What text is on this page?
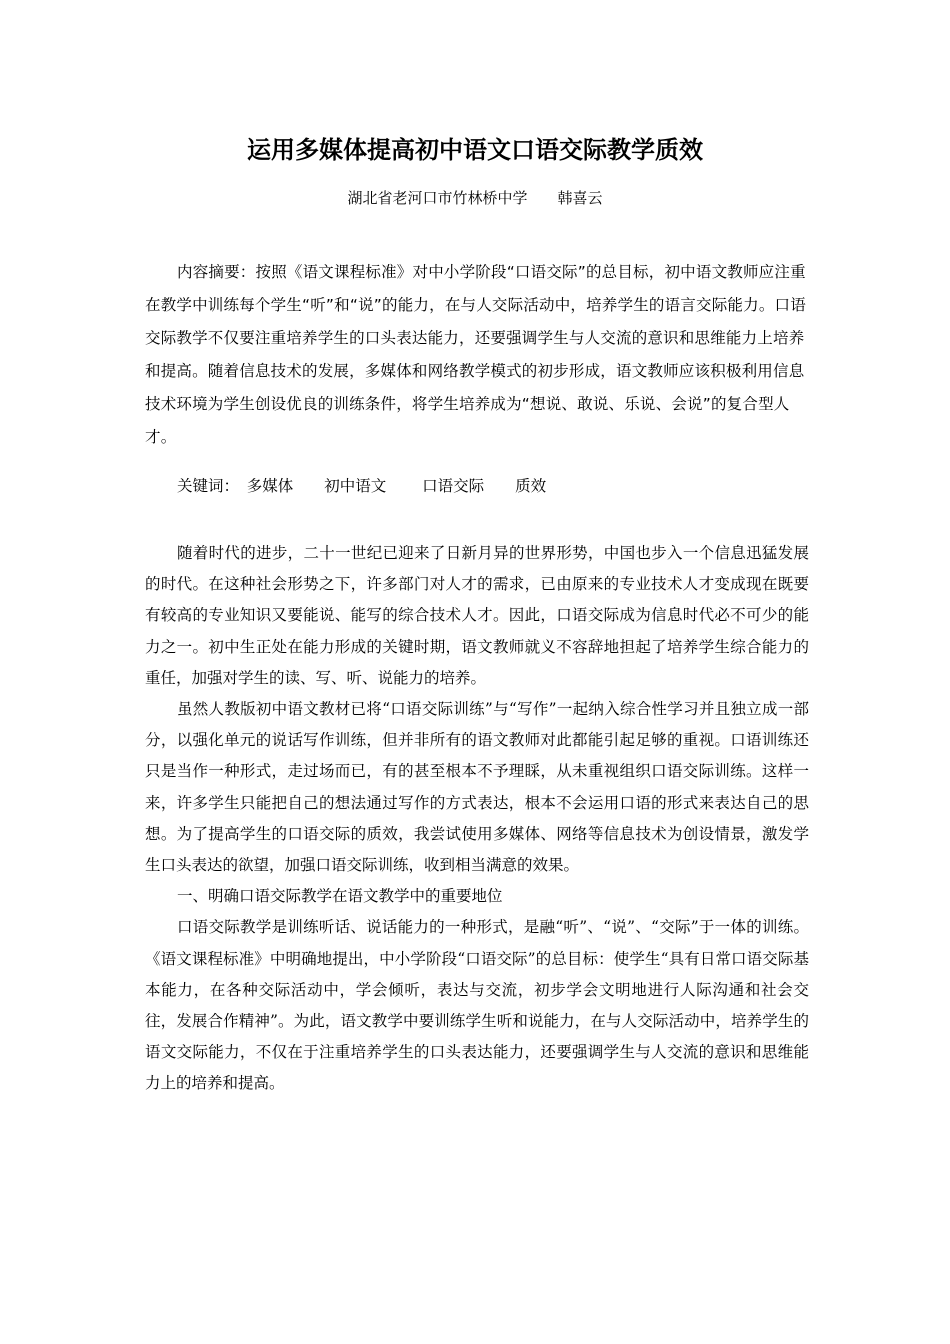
运用多媒体提高初中语文口语交际教学质效
湖北省老河口市竹林桥中学　　韩喜云

内容摘要：按照《语文课程标准》对中小学阶段“口语交际”的总目标，初中语文教师应注重在教学中训练每个学生“听”和“说”的能力，在与人交际活动中，培养学生的语言交际能力。口语交际教学不仅要注重培养学生的口头表达能力，还要强调学生与人交流的意识和思维能力上培养和提高。随着信息技术的发展，多媒体和网络教学模式的初步形成，语文教师应该积极利用信息技术环境为学生创设优良的训练条件，将学生培养成为“想说、敢说、乐说、会说”的复合型人才。

关键词：　多媒体　　初中语文　　 口语交际　　质效

随着时代的进步，二十一世纪已迎来了日新月异的世界形势，中国也步入一个信息迅猛发展的时代。在这种社会形势之下，许多部门对人才的需求，已由原来的专业技术人才变成现在既要有较高的专业知识又要能说、能写的综合技术人才。因此，口语交际成为信息时代必不可少的能力之一。初中生正处在能力形成的关键时期，语文教师就义不容辞地担起了培养学生综合能力的重任，加强对学生的读、写、听、说能力的培养。

虽然人教版初中语文教材已将“口语交际训练”与“写作”一起纳入综合性学习并且独立成一部分，以强化单元的说话写作训练，但并非所有的语文教师对此都能引起足够的重视。口语训练还只是当作一种形式，走过场而已，有的甚至根本不予理睬，从未重视组织口语交际训练。这样一来，许多学生只能把自己的想法通过写作的方式表达，根本不会运用口语的形式来表达自己的思想。为了提高学生的口语交际的质效，我尝试使用多媒体、网络等信息技术为创设情景，激发学生口头表达的欲望，加强口语交际训练，收到相当满意的效果。

一、明确口语交际教学在语文教学中的重要地位

口语交际教学是训练听话、说话能力的一种形式，是融“听”、“说”、“交际”于一体的训练。《语文课程标准》中明确地提出，中小学阶段“口语交际”的总目标：使学生“具有日常口语交际基本能力，在各种交际活动中，学会倾听，表达与交流，初步学会文明地进行人际沟通和社会交往，发展合作精神”。为此，语文教学中要训练学生听和说能力，在与人交际活动中，培养学生的语文交际能力，不仅在于注重培养学生的口头表达能力，还要强调学生与人交流的意识和思维能力上的培养和提高。
